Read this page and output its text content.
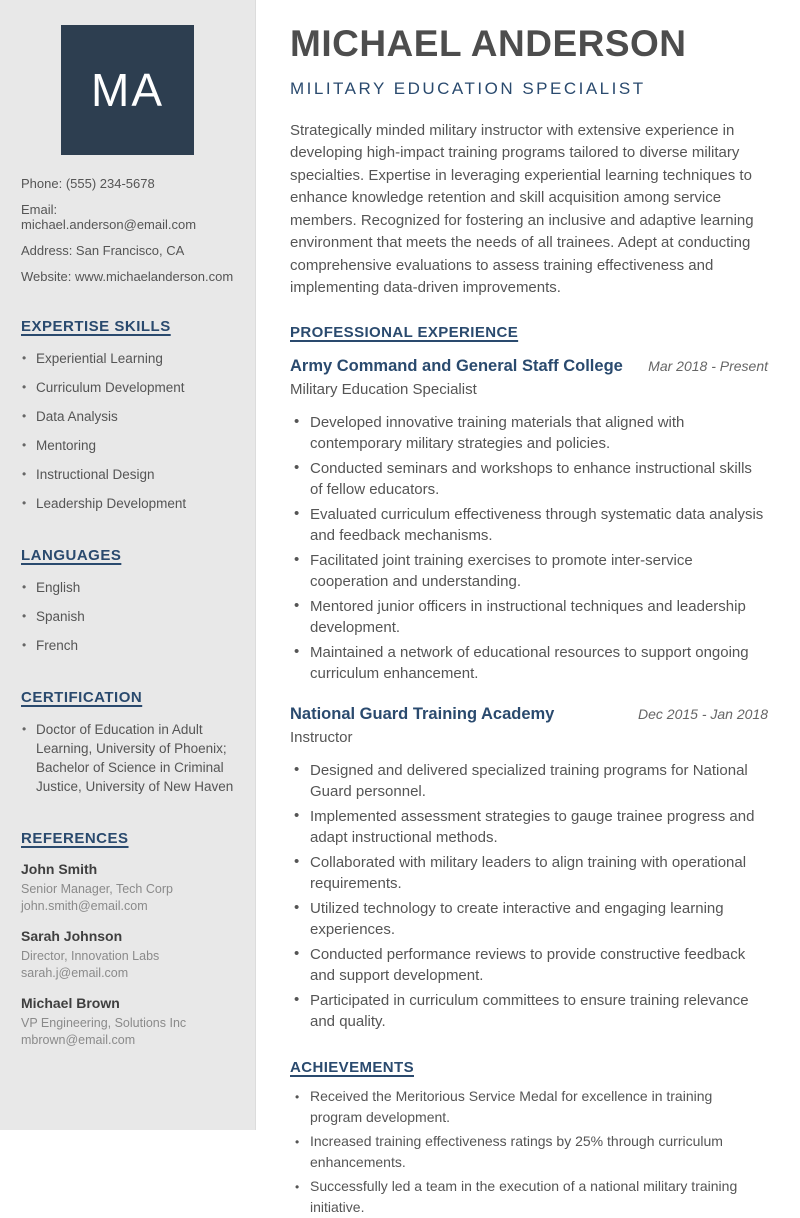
MA

Phone: (555) 234-5678

Email: michael.anderson@email.com

Address: San Francisco, CA

Website: www.michaelanderson.com

EXPERTISE SKILLS
• Experiential Learning
• Curriculum Development
• Data Analysis
• Mentoring
• Instructional Design
• Leadership Development
LANGUAGES
• English
• Spanish
• French
CERTIFICATION
• Doctor of Education in Adult Learning, University of Phoenix; Bachelor of Science in Criminal Justice, University of New Haven
REFERENCES
John Smith
Senior Manager, Tech Corp
john.smith@email.com
Sarah Johnson
Director, Innovation Labs
sarah.j@email.com
Michael Brown
VP Engineering, Solutions Inc
mbrown@email.com
MICHAEL ANDERSON
MILITARY EDUCATION SPECIALIST

Strategically minded military instructor with extensive experience in developing high-impact training programs tailored to diverse military specialties. Expertise in leveraging experiential learning techniques to enhance knowledge retention and skill acquisition among service members. Recognized for fostering an inclusive and adaptive learning environment that meets the needs of all trainees. Adept at conducting comprehensive evaluations to assess training effectiveness and implementing data-driven improvements.

PROFESSIONAL EXPERIENCE
Army Command and General Staff College Mar 2018 - Present
Military Education Specialist
• Developed innovative training materials that aligned with contemporary military strategies and policies.
• Conducted seminars and workshops to enhance instructional skills of fellow educators.
• Evaluated curriculum effectiveness through systematic data analysis and feedback mechanisms.
• Facilitated joint training exercises to promote inter-service cooperation and understanding.
• Mentored junior officers in instructional techniques and leadership development.
• Maintained a network of educational resources to support ongoing curriculum enhancement.
National Guard Training Academy	Dec 2015 - Jan 2018
Instructor
• Designed and delivered specialized training programs for National Guard personnel.
• Implemented assessment strategies to gauge trainee progress and adapt instructional methods.
• Collaborated with military leaders to align training with operational requirements.
• Utilized technology to create interactive and engaging learning experiences.
• Conducted performance reviews to provide constructive feedback and support development.
• Participated in curriculum committees to ensure training relevance and quality.
ACHIEVEMENTS
• Received the Meritorious Service Medal for excellence in training program development.
• Increased training effectiveness ratings by 25% through curriculum enhancements.
• Successfully led a team in the execution of a national military training initiative.
